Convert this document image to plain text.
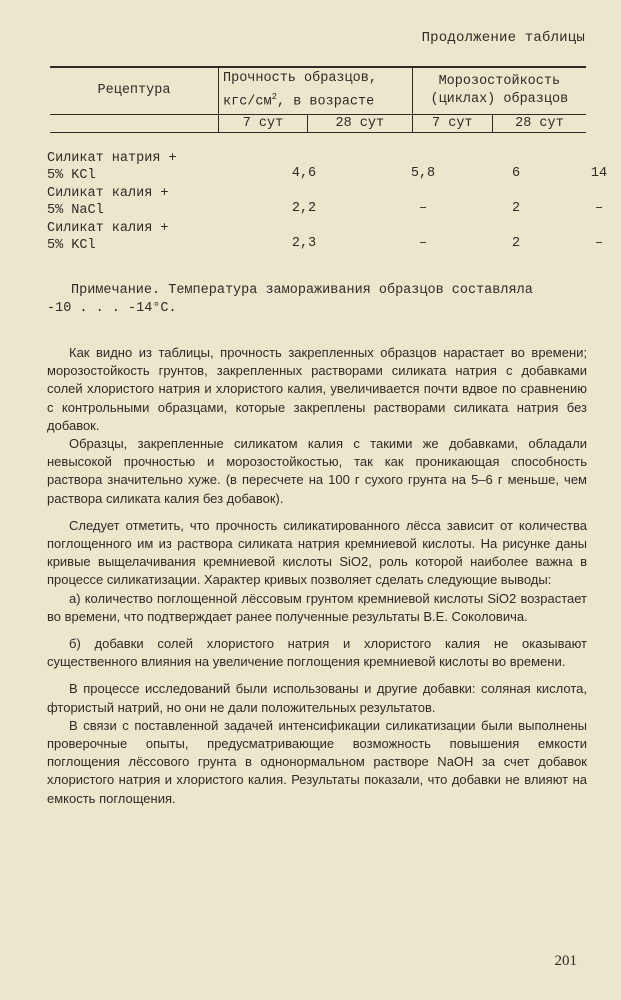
Продолжение таблицы
Рецептура	Прочность образцов,
кгс/$см^2$, в возрасте		Морозостойкость
(циклах) образцов	
	7 сут	28 сут	7 сут	28 сут
Силикат натрия +
5% KCl	4,6	5,8	6	14
Силикат калия +
5% NaCl	2,2	–	2	–
Силикат калия +
5% KCl	2,3	–	2	–
Примечание. Температура замораживания образцов составляла
-10 . . . -14°C.

Как видно из таблицы, прочность закрепленных образцов нарастает во времени; морозостойкость грунтов, закрепленных растворами силиката натрия с добавками солей хлористого натрия и хлористого калия, увеличивается почти вдвое по сравнению с контрольными образцами, которые закреплены растворами силиката натрия без добавок.

Образцы, закрепленные силикатом калия с такими же добавками, обладали невысокой прочностью и морозостойкостью, так как проникающая способность раствора значительно хуже. (в пересчете на 100 г сухого грунта на 5–6 г меньше, чем раствора силиката калия без добавок).

Следует отметить, что прочность силикатированного лёсса зависит от количества поглощенного им из раствора силиката натрия кремниевой кислоты. На рисунке даны кривые выщелачивания кремниевой кислоты SiO2, роль которой наиболее важна в процессе силикатизации. Характер кривых позволяет сделать следующие выводы:

а) количество поглощенной лёссовым грунтом кремниевой кислоты SiO2 возрастает во времени, что подтверждает ранее полученные результаты В.Е. Соколовича.

б) добавки солей хлористого натрия и хлористого калия не оказывают существенного влияния на увеличение поглощения кремниевой кислоты во времени.

В процессе исследований были использованы и другие добавки: соляная кислота, фтористый натрий, но они не дали положительных результатов.

В связи с поставленной задачей интенсификации силикатизации были выполнены проверочные опыты, предусматривающие возможность повышения емкости поглощения лёссового грунта в однонормальном растворе NaOH за счет добавок хлористого натрия и хлористого калия. Результаты показали, что добавки не влияют на емкость поглощения.

201
